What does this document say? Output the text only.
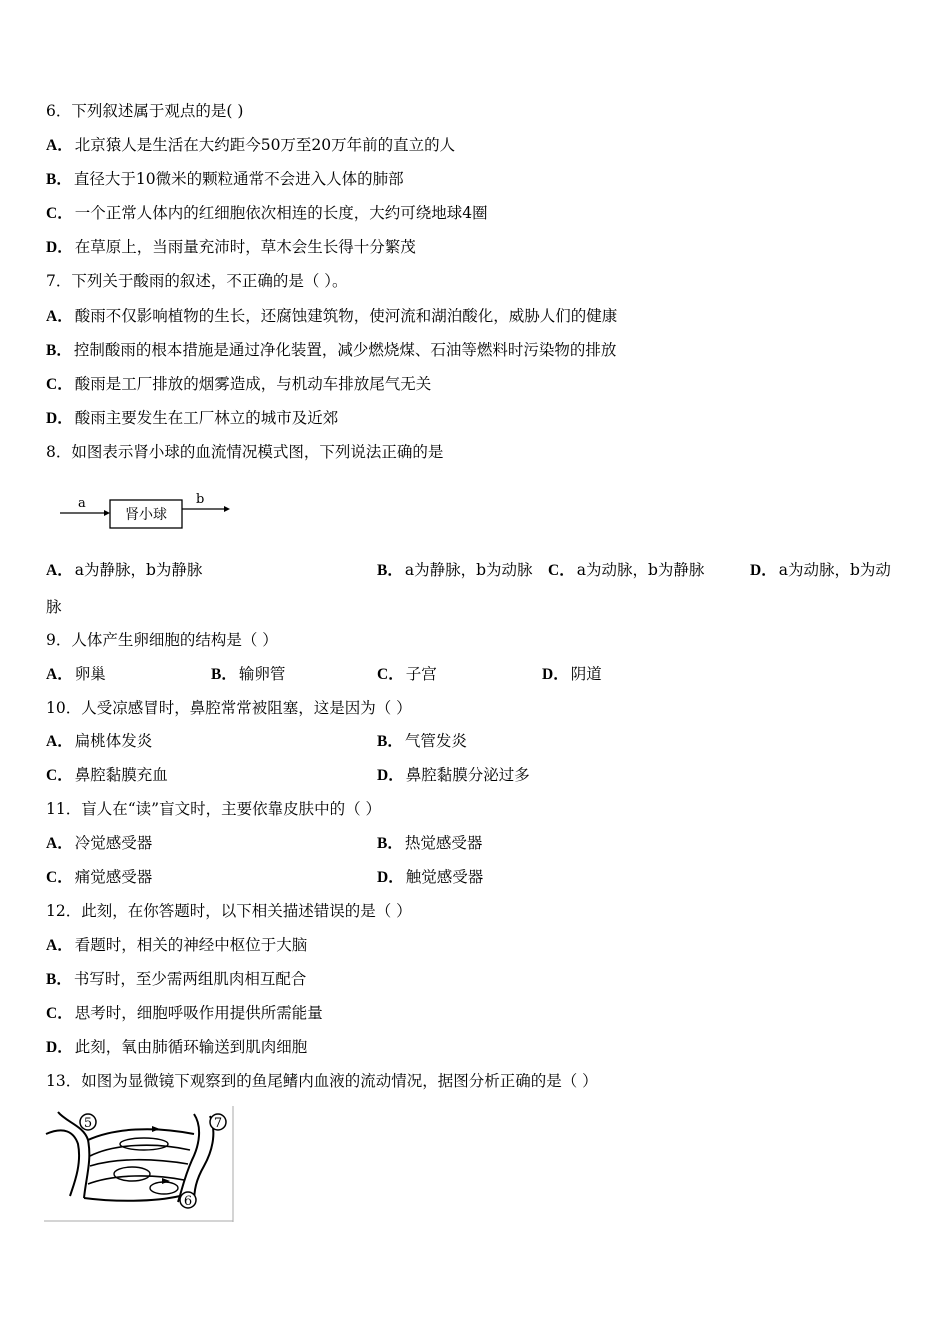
6．下列叙述属于观点的是( )
A． 北京猿人是生活在大约距今50万至20万年前的直立的人
B． 直径大于10微米的颗粒通常不会进入人体的肺部
C． 一个正常人体内的红细胞依次相连的长度，大约可绕地球4圈
D． 在草原上，当雨量充沛时，草木会生长得十分繁茂
7．下列关于酸雨的叙述，不正确的是（ ）。
A． 酸雨不仅影响植物的生长，还腐蚀建筑物，使河流和湖泊酸化，威胁人们的健康
B． 控制酸雨的根本措施是通过净化装置，减少燃烧煤、石油等燃料时污染物的排放
C． 酸雨是工厂排放的烟雾造成，与机动车排放尾气无关
D． 酸雨主要发生在工厂林立的城市及近郊
8．如图表示肾小球的血流情况模式图，下列说法正确的是
a
肾小球
b
A． a为静脉，b为静脉	B． a为静脉，b为动脉 C． a为动脉，b为静脉	D． a为动脉，b为动
脉
9．人体产生卵细胞的结构是（ ）
A． 卵巢	B． 输卵管	C． 子宫	D． 阴道
10．人受凉感冒时，鼻腔常常被阻塞，这是因为（ ）
A． 扁桃体发炎	B． 气管发炎
C． 鼻腔黏膜充血	D． 鼻腔黏膜分泌过多
11．盲人在“读”盲文时，主要依靠皮肤中的（ ）
A． 冷觉感受器	B． 热觉感受器
C． 痛觉感受器	D． 触觉感受器
12．此刻，在你答题时，以下相关描述错误的是（ ）
A． 看题时，相关的神经中枢位于大脑
B． 书写时，至少需两组肌肉相互配合
C． 思考时，细胞呼吸作用提供所需能量
D． 此刻，氧由肺循环输送到肌肉细胞
13．如图为显微镜下观察到的鱼尾鳍内血液的流动情况，据图分析正确的是（ ）
5	7
6
